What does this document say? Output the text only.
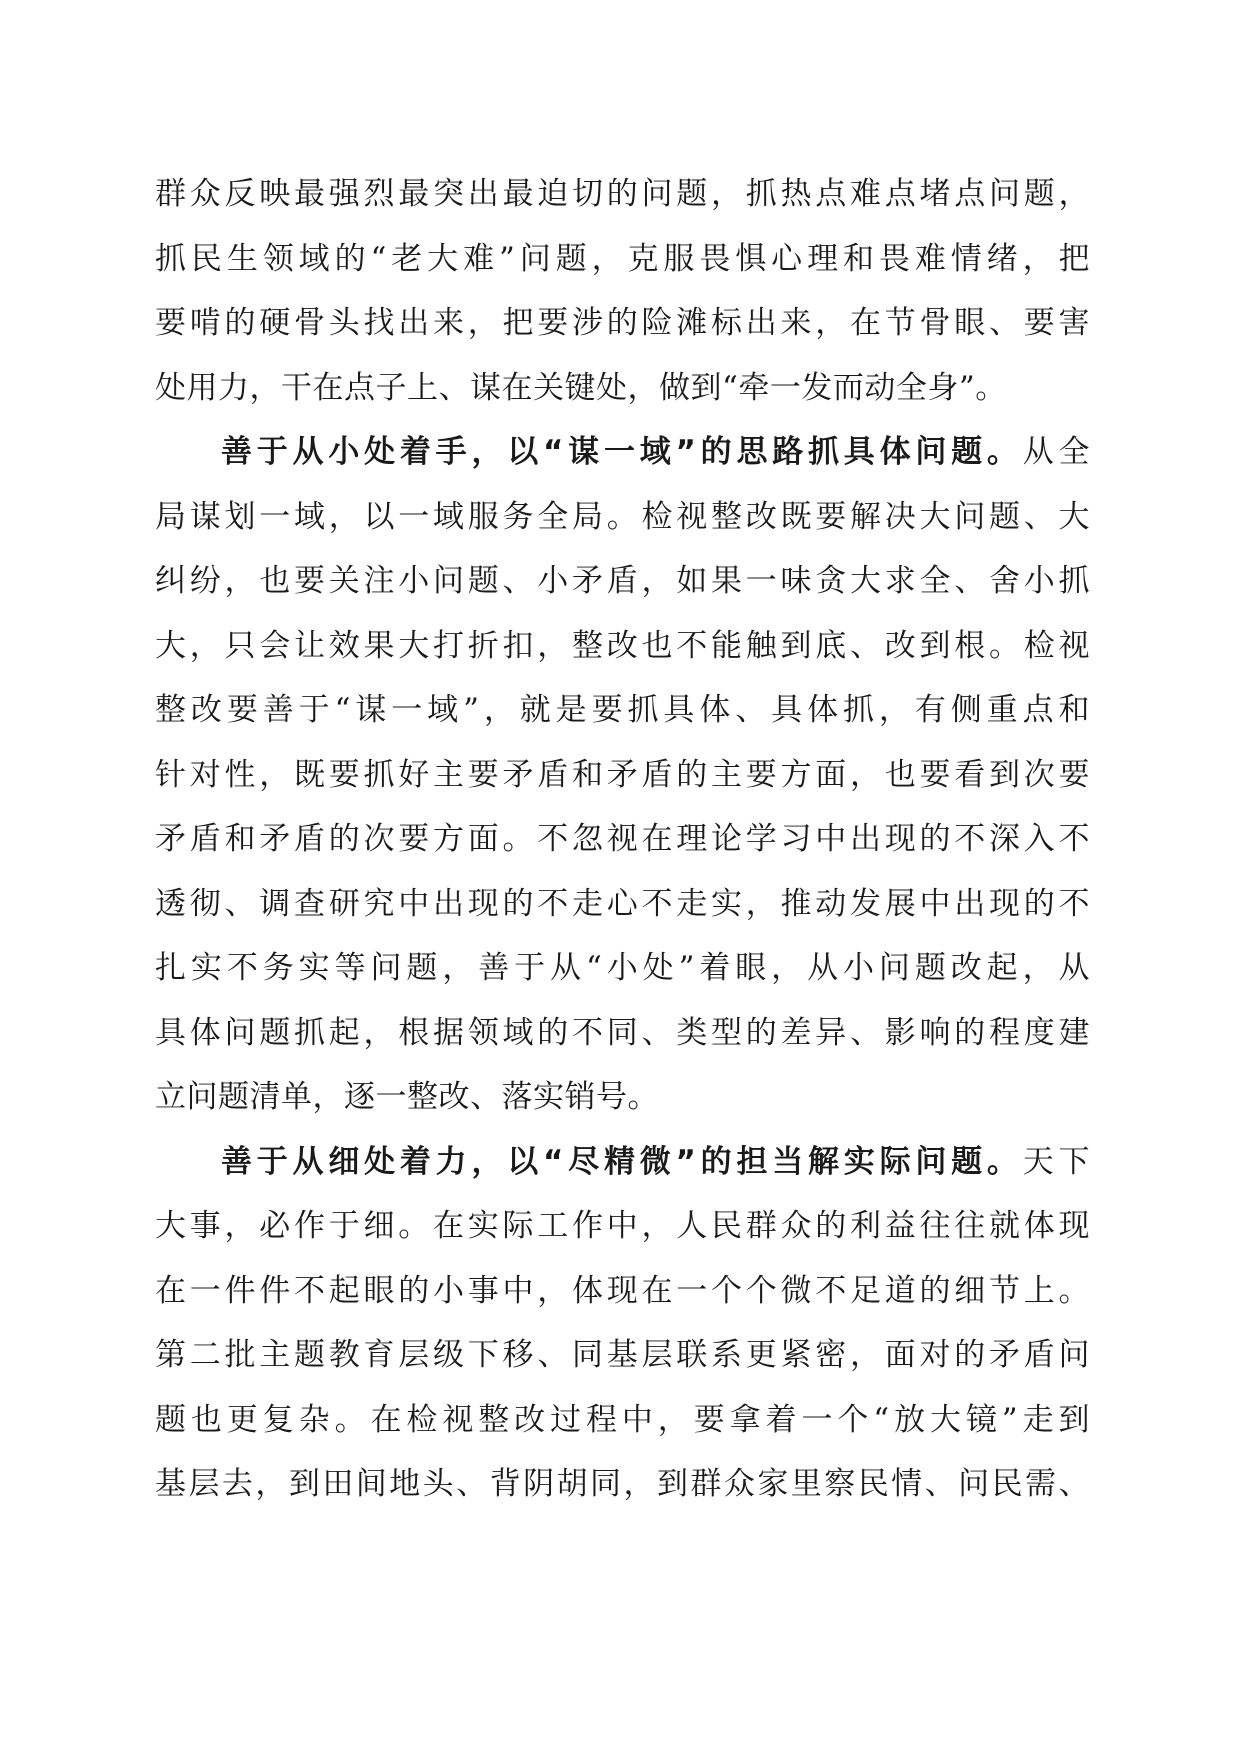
群众反映最强烈最突出最迫切的问题，抓热点难点堵点问题，
抓民生领域的“老大难”问题，克服畏惧心理和畏难情绪，把
要啃的硬骨头找出来，把要涉的险滩标出来，在节骨眼、要害
处用力，干在点子上、谋在关键处，做到“牵一发而动全身”。
善于从小处着手，以“谋一域”的思路抓具体问题。从全
局谋划一域，以一域服务全局。检视整改既要解决大问题、大
纠纷，也要关注小问题、小矛盾，如果一味贪大求全、舍小抓
大，只会让效果大打折扣，整改也不能触到底、改到根。检视
整改要善于“谋一域”，就是要抓具体、具体抓，有侧重点和
针对性，既要抓好主要矛盾和矛盾的主要方面，也要看到次要
矛盾和矛盾的次要方面。不忽视在理论学习中出现的不深入不
透彻、调查研究中出现的不走心不走实，推动发展中出现的不
扎实不务实等问题，善于从“小处”着眼，从小问题改起，从
具体问题抓起，根据领域的不同、类型的差异、影响的程度建
立问题清单，逐一整改、落实销号。
善于从细处着力，以“尽精微”的担当解实际问题。天下
大事，必作于细。在实际工作中，人民群众的利益往往就体现
在一件件不起眼的小事中，体现在一个个微不足道的细节上。
第二批主题教育层级下移、同基层联系更紧密，面对的矛盾问
题也更复杂。在检视整改过程中，要拿着一个“放大镜”走到
基层去，到田间地头、背阴胡同，到群众家里察民情、问民需、
